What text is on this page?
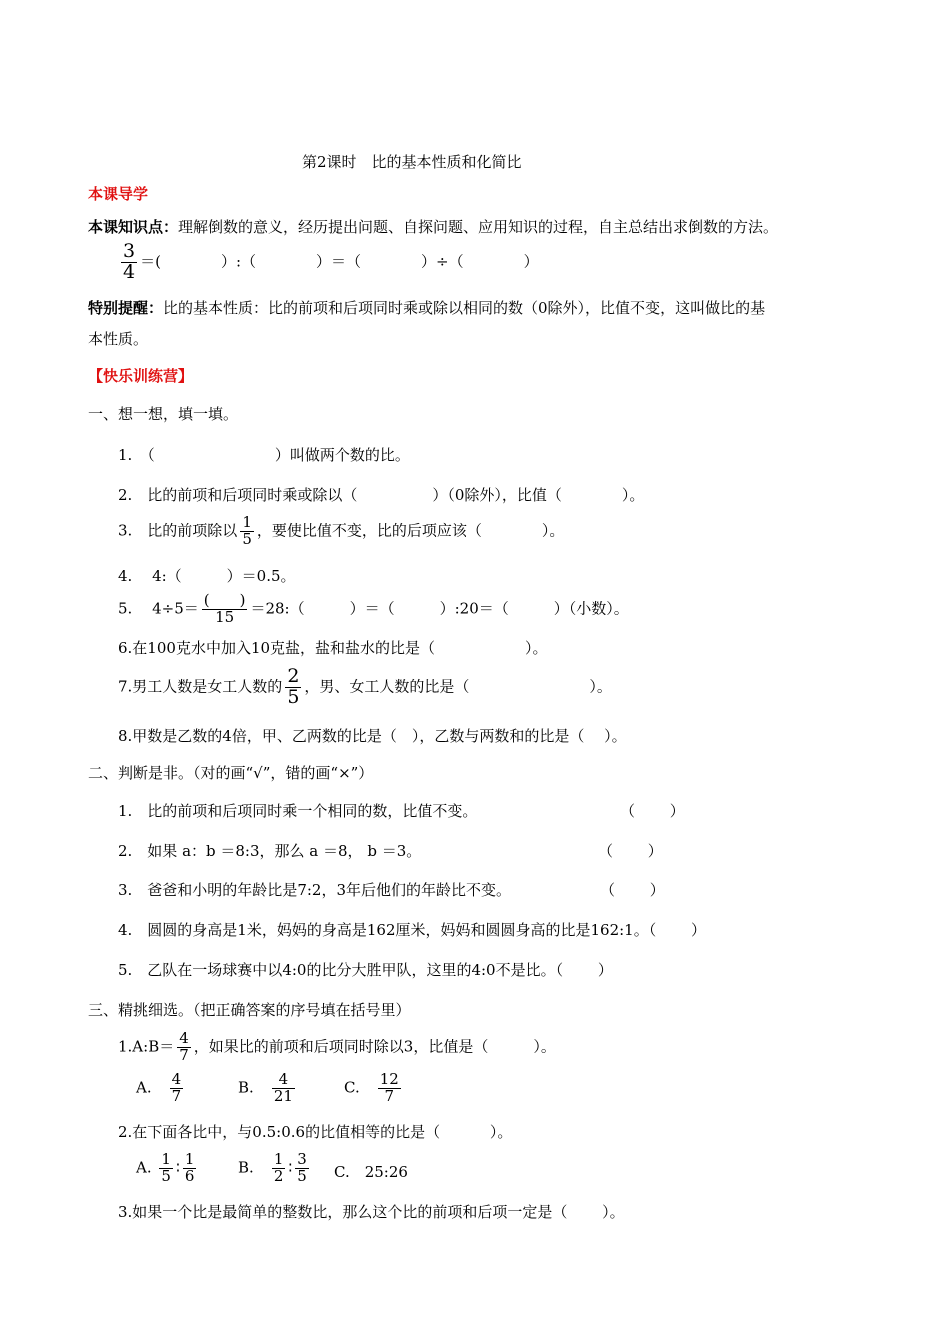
第2课时　比的基本性质和化简比
本课导学
本课知识点：理解倒数的意义，经历提出问题、自探问题、应用知识的过程，自主总结出求倒数的方法。
$\frac{3}{4}$ ＝(　　　　）:（　　　　）＝（　　　　）÷（　　　　）
特别提醒：比的基本性质：比的前项和后项同时乘或除以相同的数（0除外），比值不变，这叫做比的基
本性质。
【快乐训练营】
一、想一想，填一填。
1.　（　　　　　　　　）叫做两个数的比。
2.　比的前项和后项同时乘或除以（　　　　　）（0除外），比值（　　　　）。
3.　比的前项除以 $\frac{1}{5}$ ，要使比值不变，比的后项应该（　　　　）。
4.　 4:（　　　）＝0.5。
5.　 $4\div 5= \frac{( )}{15}$ ＝28:（　　　）＝（　　　）:20＝（　　　）（小数）。
6.在100克水中加入10克盐，盐和盐水的比是（　　　　　　）。
7.男工人数是女工人数的 $\frac{2}{5}$ ，男、女工人数的比是（　　　　　　　　）。
8.甲数是乙数的4倍，甲、乙两数的比是（　），乙数与两数和的比是（　 ）。
二、判断是非。（对的画“√”，错的画“×”）
1.　比的前项和后项同时乘一个相同的数，比值不变。	（　　 ）
2.　如果 a：b ＝8:3，那么 a ＝8， b ＝3。	（　　 ）
3.　爸爸和小明的年龄比是7:2，3年后他们的年龄比不变。	（　　 ）
4.　圆圆的身高是1米，妈妈的身高是162厘米，妈妈和圆圆身高的比是162:1。（　　 ）
5.　乙队在一场球赛中以4:0的比分大胜甲队，这里的4:0不是比。（　　 ）
三、精挑细选。（把正确答案的序号填在括号里）
1.A:B＝ $\frac{4}{7}$ ，如果比的前项和后项同时除以3，比值是（　　　）。
A.　 $\frac{4}{7}$	B.　 $\frac{4}{21}$	C.　 $\frac{12}{7}$
2.在下面各比中，与0.5:0.6的比值相等的比是（　　　 ）。
A. $\frac{1}{5}$ ∶ $\frac{1}{6}$	B.　 $\frac{1}{2}$ ∶ $\frac{3}{5} C$.　25:26
3.如果一个比是最简单的整数比，那么这个比的前项和后项一定是（　　 ）。
